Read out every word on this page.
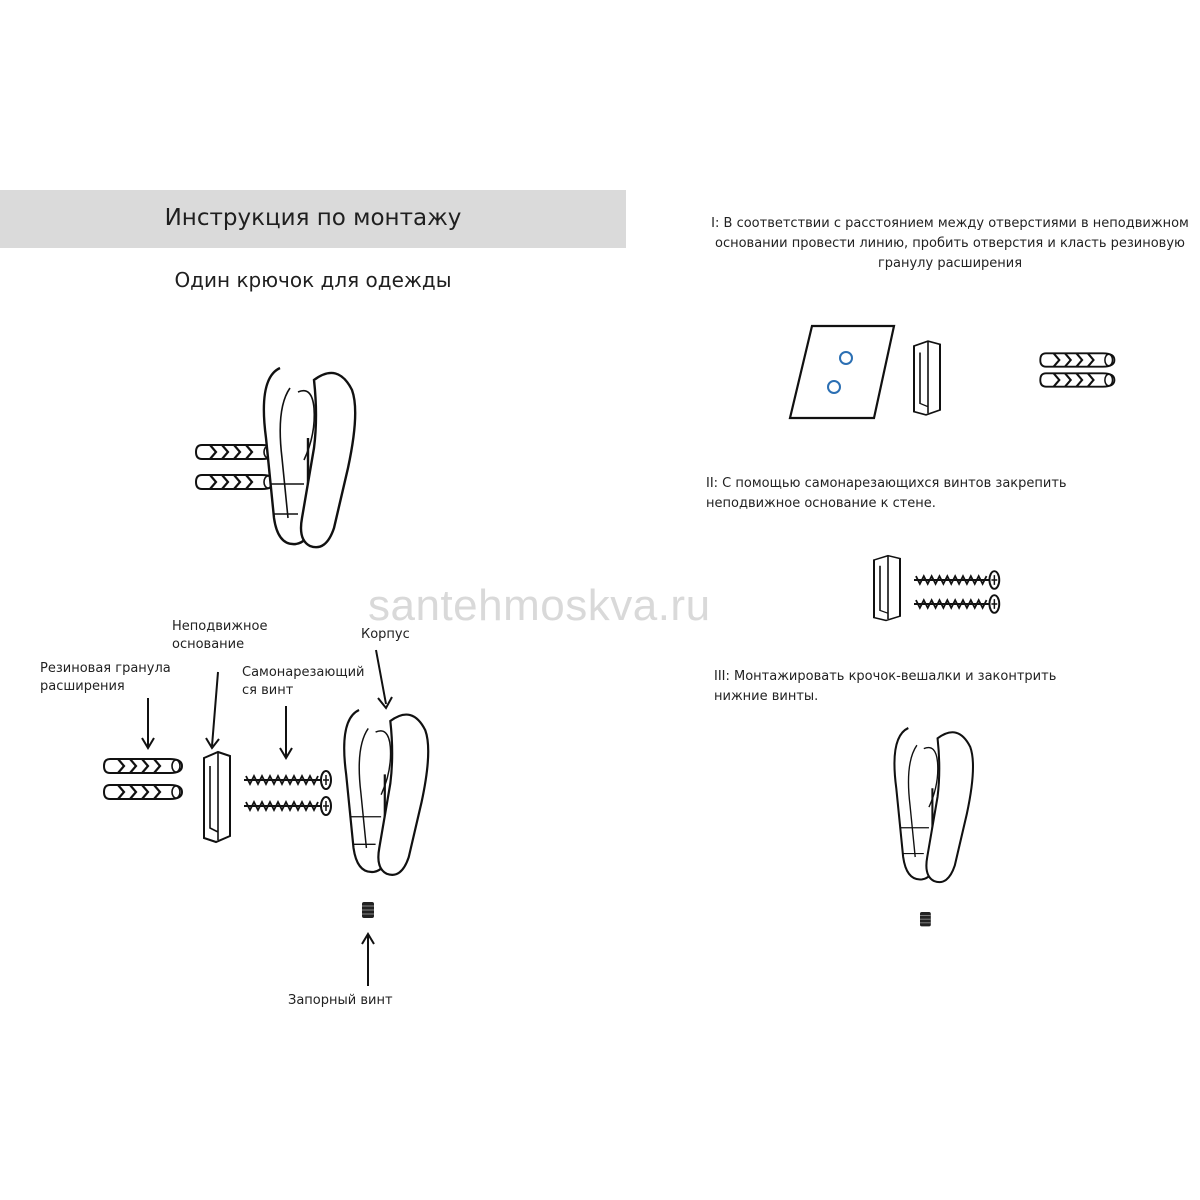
Инструкция по монтажу
Один крючок для одежды
santehmoskva.ru
Резиновая гранула
расширения
Неподвижное
основание
Самонарезающий
ся винт
Корпус
Запорный винт
I: В соответствии с расстоянием между отверстиями в неподвижном
основании провести линию, пробить отверстия и класть резиновую
гранулу расширения
II: С помощью самонарезающихся винтов закрепить
неподвижное основание к стене.
III: Монтажировать крочок-вешалки и законтрить
нижние винты.
